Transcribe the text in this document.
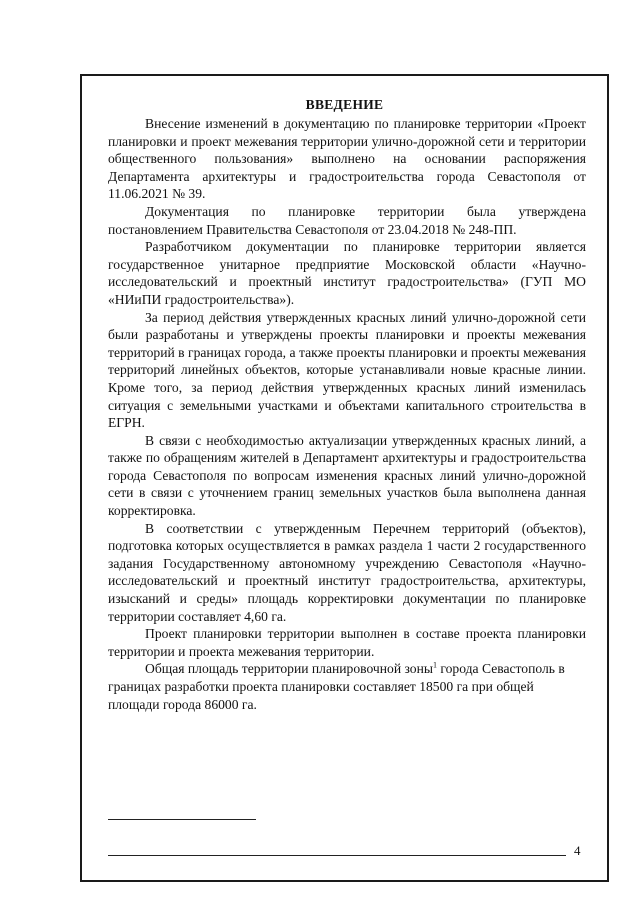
ВВЕДЕНИЕ

Внесение изменений в документацию по планировке территории «Проект планировки и проект межевания территории улично-дорожной сети и территории общественного пользования» выполнено на основании распоряжения Департамента архитектуры и градостроительства города Севастополя от 11.06.2021 № 39.

Документация по планировке территории была утверждена постановлением Правительства Севастополя от 23.04.2018 № 248-ПП.

Разработчиком документации по планировке территории является государственное унитарное предприятие Московской области «Научно-исследовательский и проектный институт градостроительства» (ГУП МО «НИиПИ градостроительства»).

За период действия утвержденных красных линий улично-дорожной сети были разработаны и утверждены проекты планировки и проекты межевания территорий в границах города, а также проекты планировки и проекты межевания территорий линейных объектов, которые устанавливали новые красные линии. Кроме того, за период действия утвержденных красных линий изменилась ситуация с земельными участками и объектами капитального строительства в ЕГРН.

В связи с необходимостью актуализации утвержденных красных линий, а также по обращениям жителей в Департамент архитектуры и градостроительства города Севастополя по вопросам изменения красных линий улично-дорожной сети в связи с уточнением границ земельных участков была выполнена данная корректировка.

В соответствии с утвержденным Перечнем территорий (объектов), подготовка которых осуществляется в рамках раздела 1 части 2 государственного задания Государственному автономному учреждению Севастополя «Научно-исследовательский и проектный институт градостроительства, архитектуры, изысканий и среды» площадь корректировки документации по планировке территории составляет 4,60 га.

Проект планировки территории выполнен в составе проекта планировки территории и проекта межевания территории.

Общая площадь территории планировочной зоны$^1$ города Севастополь в границах разработки проекта планировки составляет 18500 га при общей площади города 86000 га.

4
